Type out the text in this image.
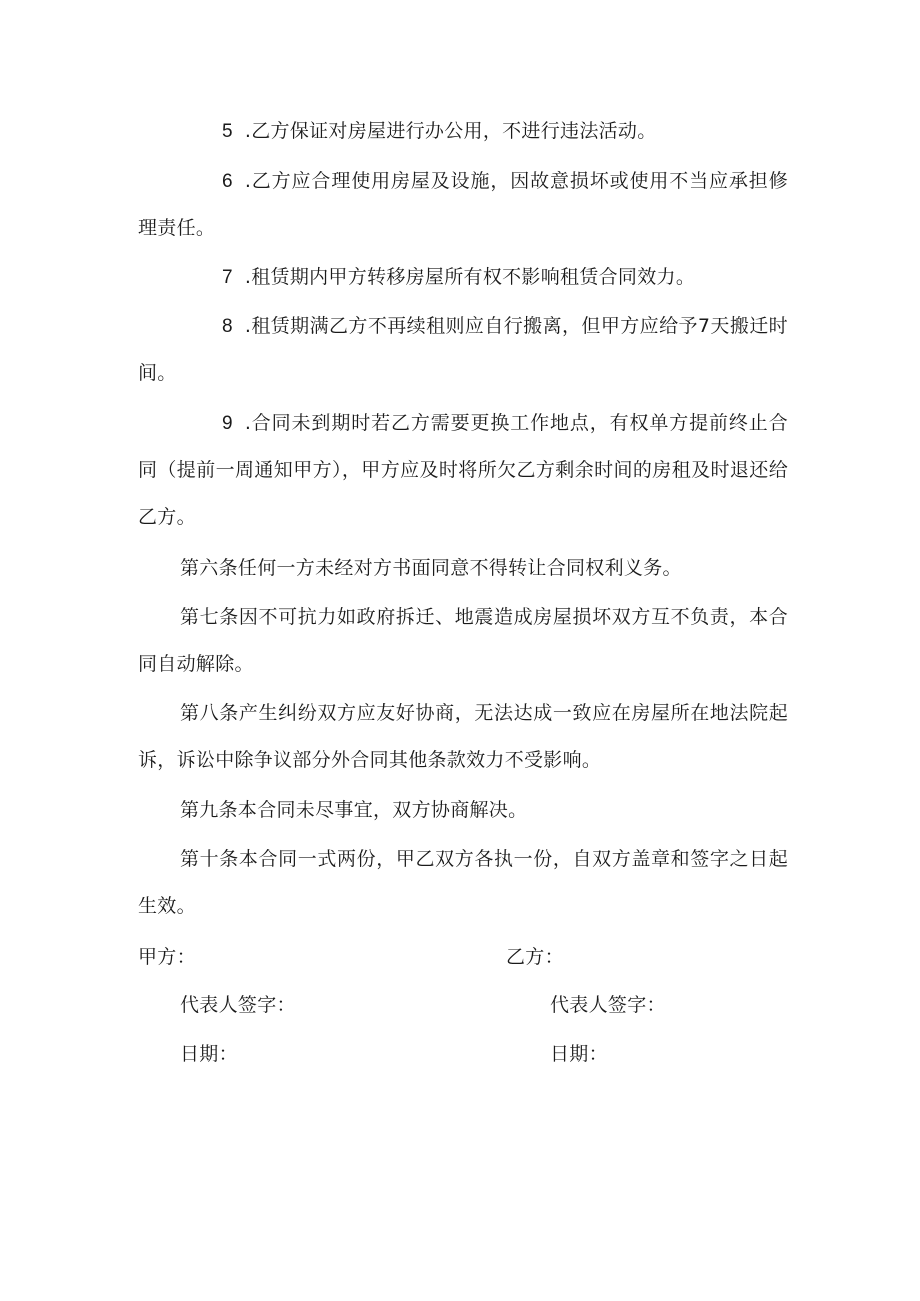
5 .乙方保证对房屋进行办公用，不进行违法活动。

6 .乙方应合理使用房屋及设施，因故意损坏或使用不当应承担修理责任。

7 .租赁期内甲方转移房屋所有权不影响租赁合同效力。

8 .租赁期满乙方不再续租则应自行搬离，但甲方应给予7天搬迁时间。

9 .合同未到期时若乙方需要更换工作地点，有权单方提前终止合同（提前一周通知甲方），甲方应及时将所欠乙方剩余时间的房租及时退还给乙方。

第六条任何一方未经对方书面同意不得转让合同权利义务。

第七条因不可抗力如政府拆迁、地震造成房屋损坏双方互不负责，本合同自动解除。

第八条产生纠纷双方应友好协商，无法达成一致应在房屋所在地法院起诉，诉讼中除争议部分外合同其他条款效力不受影响。

第九条本合同未尽事宜，双方协商解决。

第十条本合同一式两份，甲乙双方各执一份，自双方盖章和签字之日起生效。

甲方：	乙方：

代表人签字：	代表人签字：

日期：	日期：
